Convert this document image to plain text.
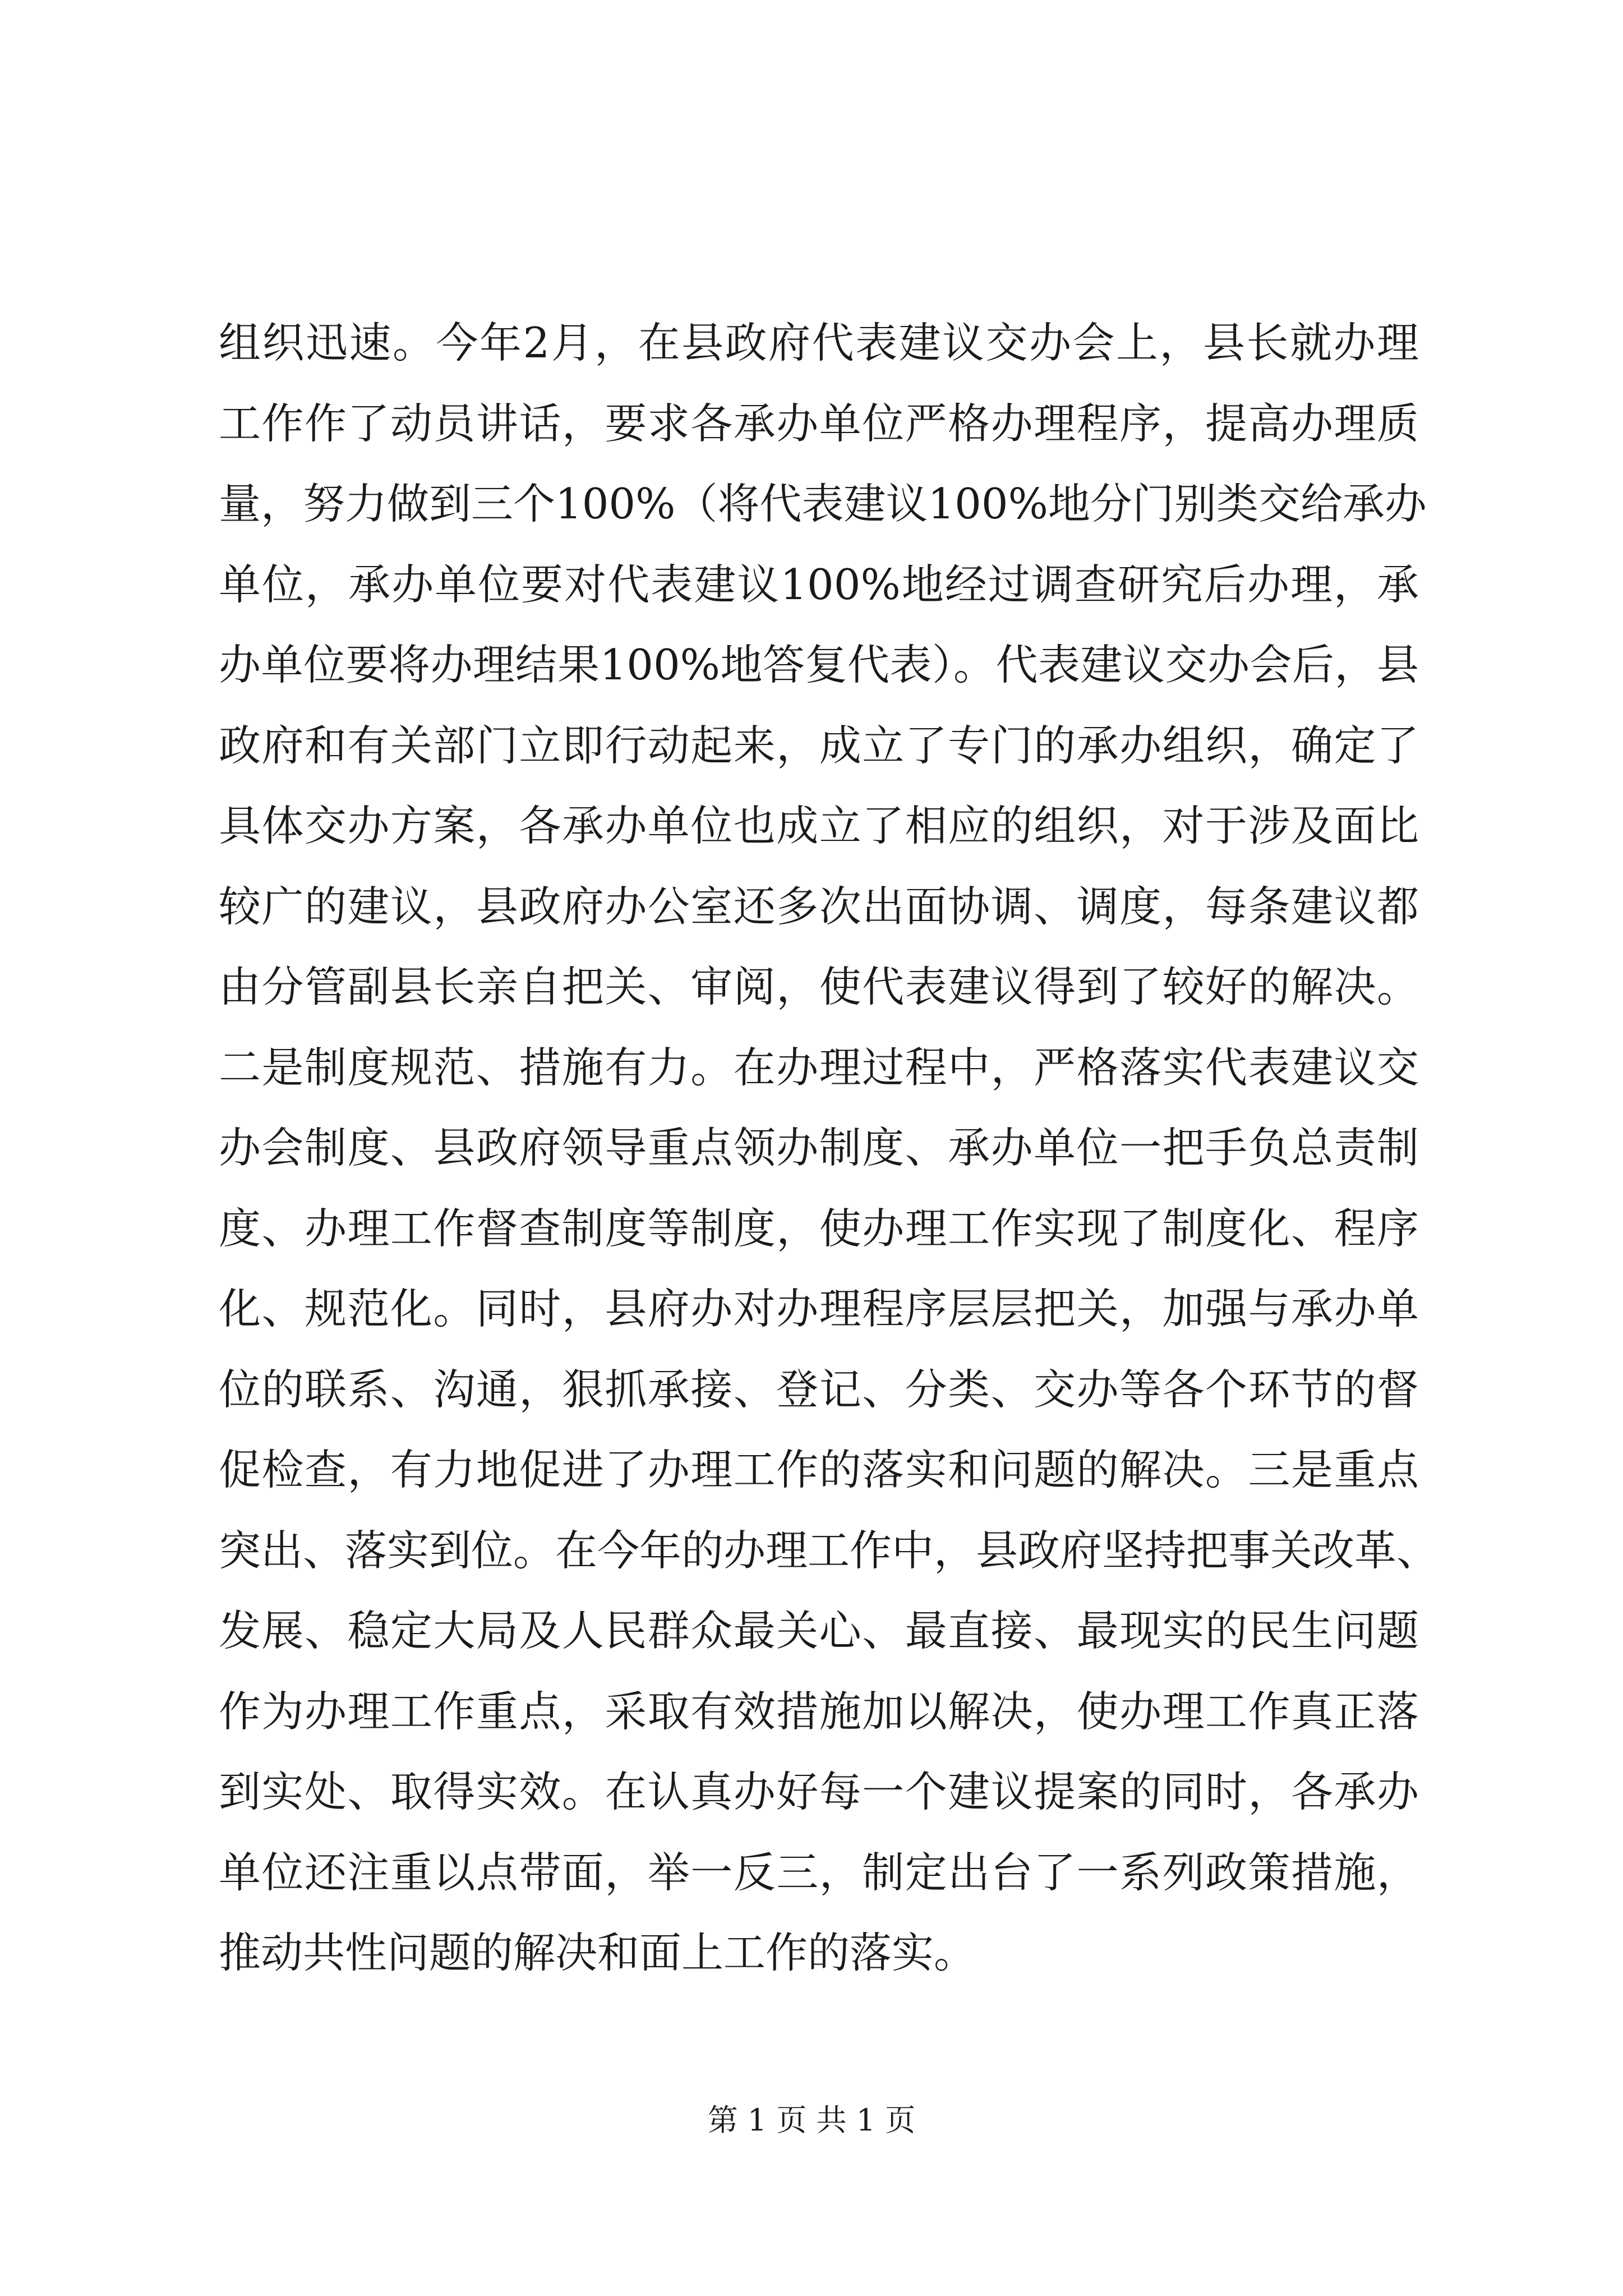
组织迅速。今年2月，在县政府代表建议交办会上，县长就办理
工作作了动员讲话，要求各承办单位严格办理程序，提高办理质
量，努力做到三个100%（将代表建议100%地分门别类交给承办
单位，承办单位要对代表建议100%地经过调查研究后办理，承
办单位要将办理结果100%地答复代表）。代表建议交办会后，县
政府和有关部门立即行动起来，成立了专门的承办组织，确定了
具体交办方案，各承办单位也成立了相应的组织，对于涉及面比
较广的建议，县政府办公室还多次出面协调、调度，每条建议都
由分管副县长亲自把关、审阅，使代表建议得到了较好的解决。
二是制度规范、措施有力。在办理过程中，严格落实代表建议交
办会制度、县政府领导重点领办制度、承办单位一把手负总责制
度、办理工作督查制度等制度，使办理工作实现了制度化、程序
化、规范化。同时，县府办对办理程序层层把关，加强与承办单
位的联系、沟通，狠抓承接、登记、分类、交办等各个环节的督
促检查，有力地促进了办理工作的落实和问题的解决。三是重点
突出、落实到位。在今年的办理工作中，县政府坚持把事关改革、
发展、稳定大局及人民群众最关心、最直接、最现实的民生问题
作为办理工作重点，采取有效措施加以解决，使办理工作真正落
到实处、取得实效。在认真办好每一个建议提案的同时，各承办
单位还注重以点带面，举一反三，制定出台了一系列政策措施，
推动共性问题的解决和面上工作的落实。
第 1 页 共 1 页
